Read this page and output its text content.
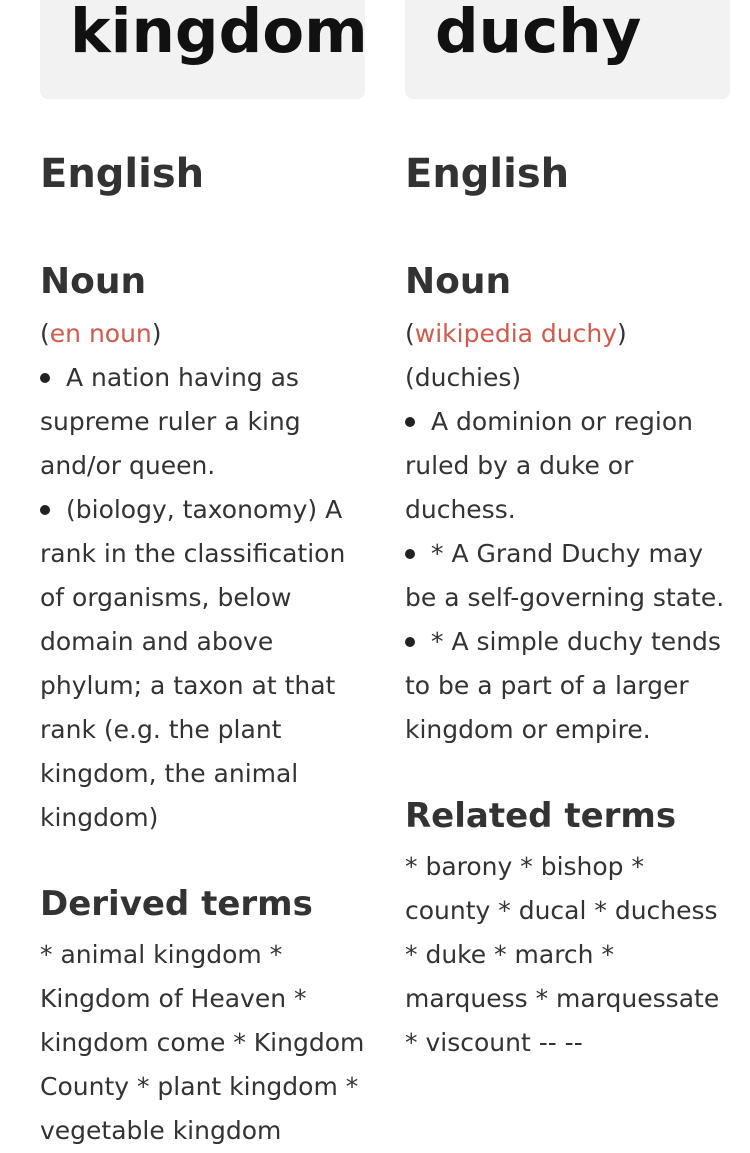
kingdom
English
Noun

(en noun)

A nation having as supreme ruler a king and/or queen.

(biology, taxonomy) A rank in the classification of organisms, below domain and above phylum; a taxon at that rank (e.g. the plant kingdom, the animal kingdom)

Derived terms
* animal kingdom * Kingdom of Heaven * kingdom come * Kingdom County * plant kingdom * vegetable kingdom
duchy
English
Noun

(wikipedia duchy)

(duchies)

A dominion or region ruled by a duke or duchess.

* A Grand Duchy may be a self-governing state.

* A simple duchy tends to be a part of a larger kingdom or empire.

Related terms
* barony * bishop * county * ducal * duchess * duke * march * marquess * marquessate * viscount -- --
